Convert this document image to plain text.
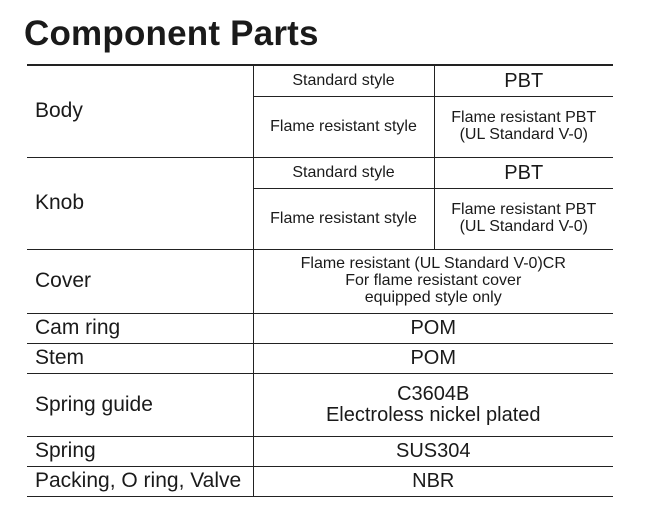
Component Parts
Body	Standard style	PBT
	Flame resistant style	Flame resistant PBT
(UL Standard V-0)

Knob	Standard style	PBT
	Flame resistant style	Flame resistant PBT
(UL Standard V-0)

Cover	Flame resistant (UL Standard V-0)CR
For flame resistant cover
equipped style only	

Cam ring	POM	
Stem	POM	
Spring guide	C3604B
Electroless nickel plated	

Spring	SUS304	
Packing, O ring, Valve	NBR	
